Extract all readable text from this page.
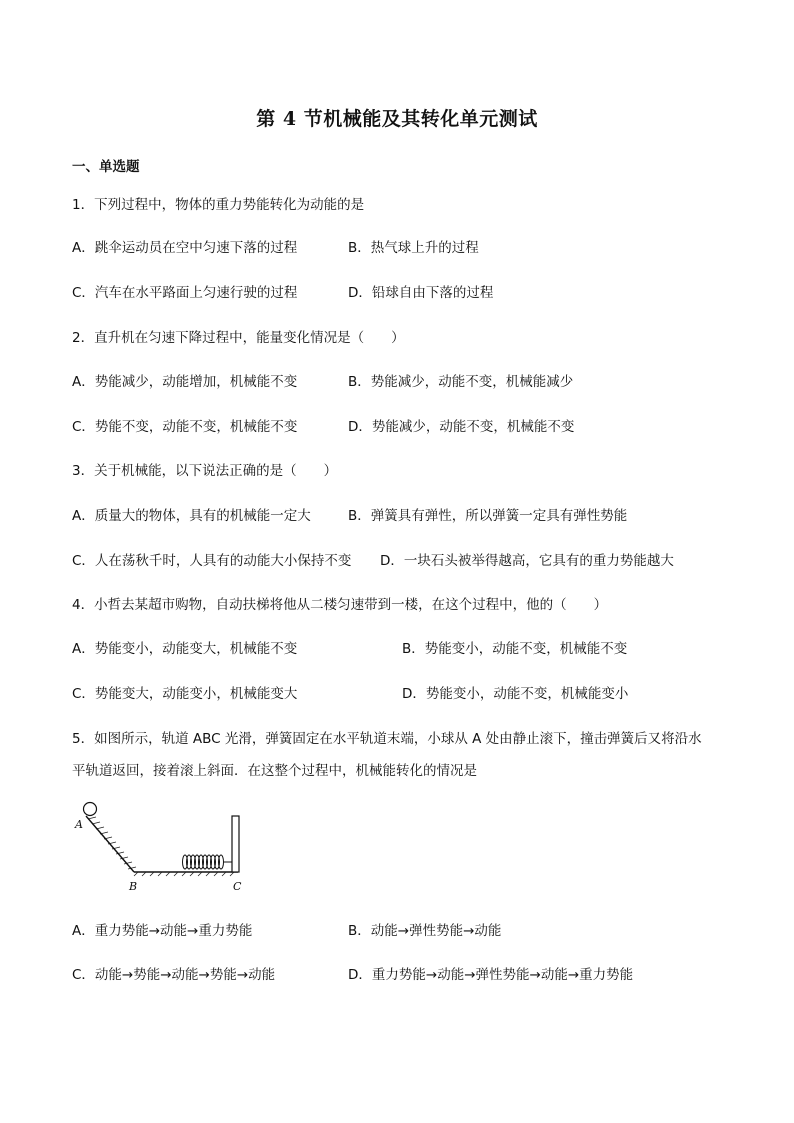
第 4 节机械能及其转化单元测试
一、单选题
1．下列过程中，物体的重力势能转化为动能的是
A．跳伞运动员在空中匀速下落的过程	B．热气球上升的过程
C．汽车在水平路面上匀速行驶的过程	D．铅球自由下落的过程
2．直升机在匀速下降过程中，能量变化情况是（　　）
A．势能减少，动能增加，机械能不变	B．势能减少，动能不变，机械能减少
C．势能不变，动能不变，机械能不变	D．势能减少，动能不变，机械能不变
3．关于机械能，以下说法正确的是（　　）
A．质量大的物体，具有的机械能一定大	B．弹簧具有弹性，所以弹簧一定具有弹性势能
C．人在荡秋千时，人具有的动能大小保持不变 D．一块石头被举得越高，它具有的重力势能越大
4．小哲去某超市购物，自动扶梯将他从二楼匀速带到一楼，在这个过程中，他的（　　）
A．势能变小，动能变大，机械能不变	B．势能变小，动能不变，机械能不变
C．势能变大，动能变小，机械能变大	D．势能变小，动能不变，机械能变小
5．如图所示，轨道 ABC 光滑，弹簧固定在水平轨道末端，小球从 A 处由静止滚下，撞击弹簧后又将沿水
平轨道返回，接着滚上斜面．在这整个过程中，机械能转化的情况是
A
B	C
A．重力势能→动能→重力势能	B．动能→弹性势能→动能
C．动能→势能→动能→势能→动能	D．重力势能→动能→弹性势能→动能→重力势能
